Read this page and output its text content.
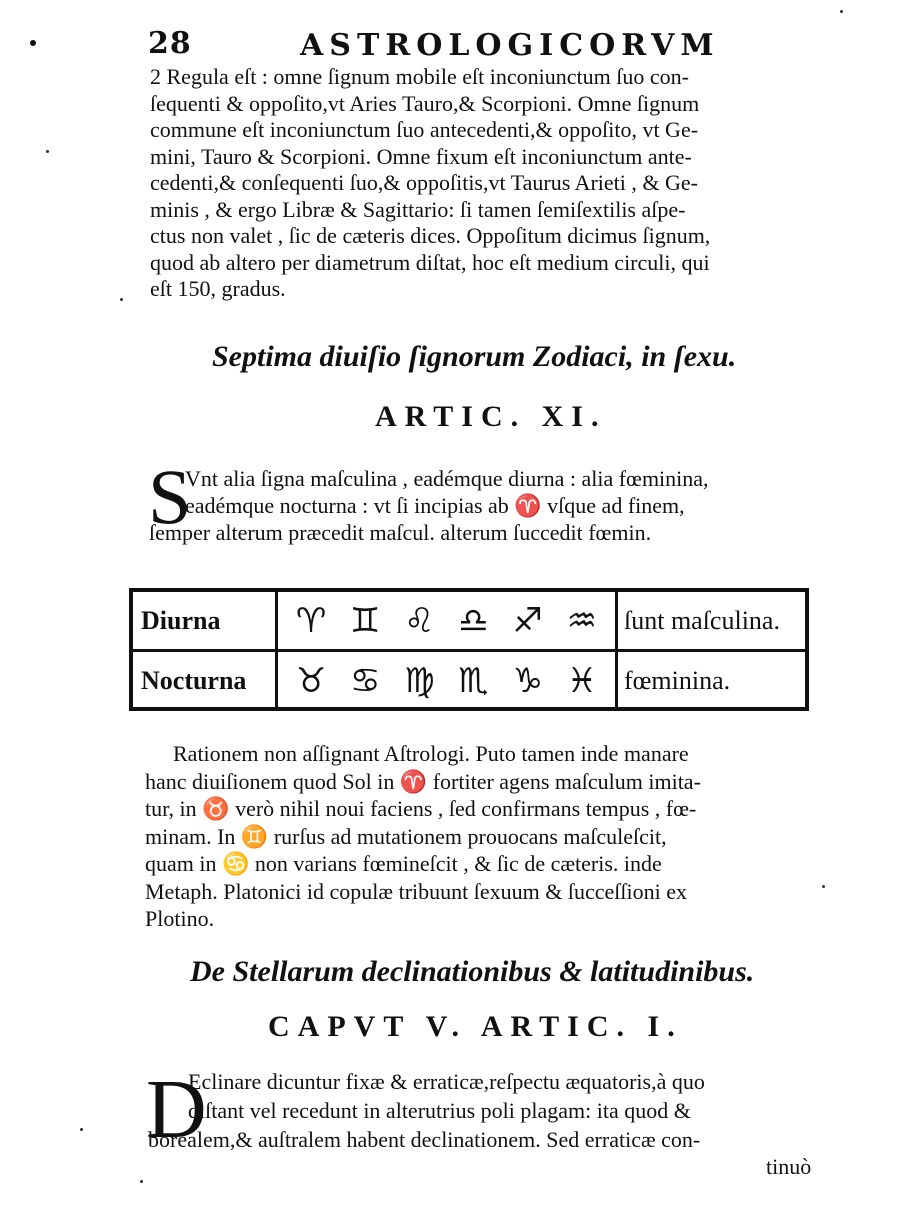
28	ASTROLOGICORVM
2 Regula eſt : omne ſignum mobile eſt inconiunctum ſuo con-
ſequenti & oppoſito,vt Aries Tauro,& Scorpioni. Omne ſignum
commune eſt inconiunctum ſuo antecedenti,& oppoſito, vt Ge-
mini, Tauro & Scorpioni. Omne fixum eſt inconiunctum ante-
cedenti,& conſequenti ſuo,& oppoſitis,vt Taurus Arieti , & Ge-
minis , & ergo Libræ & Sagittario: ſi tamen ſemiſextilis aſpe-
ctus non valet , ſic de cæteris dices. Oppoſitum dicimus ſignum,
quod ab altero per diametrum diſtat, hoc eſt medium circuli, qui
eſt 150, gradus.
Septima diuiſio ſignorum Zodiaci, in ſexu.
ARTIC. XI.
S
Vnt alia ſigna maſculina , eadémque diurna : alia fœminina,
eadémque nocturna : vt ſi incipias ab ♈ vſque ad finem,
ſemper alterum præcedit maſcul. alterum ſuccedit fœmin.
Diurna	♈ ♊ ♌ ♎ ♐ ♒ ſunt maſculina.
Nocturna	♉ ♋ ♍ ♏ ♑ ♓ fœminina.
Rationem non aſſignant Aſtrologi. Puto tamen inde manare
hanc diuiſionem quod Sol in ♈ fortiter agens maſculum imita-
tur, in ♉ verò nihil noui faciens , ſed confirmans tempus , fœ-
minam. In ♊ rurſus ad mutationem prouocans maſculeſcit,
quam in ♋ non varians fœmineſcit , & ſic de cæteris. inde
Metaph. Platonici id copulæ tribuunt ſexuum & ſucceſſioni ex
Plotino.
De Stellarum declinationibus & latitudinibus.
CAPVT V. ARTIC. I.
D
Eclinare dicuntur fixæ & erraticæ,reſpectu æquatoris,à quo
diſtant vel recedunt in alterutrius poli plagam: ita quod &
borealem,& auſtralem habent declinationem. Sed erraticæ con-
tinuò
